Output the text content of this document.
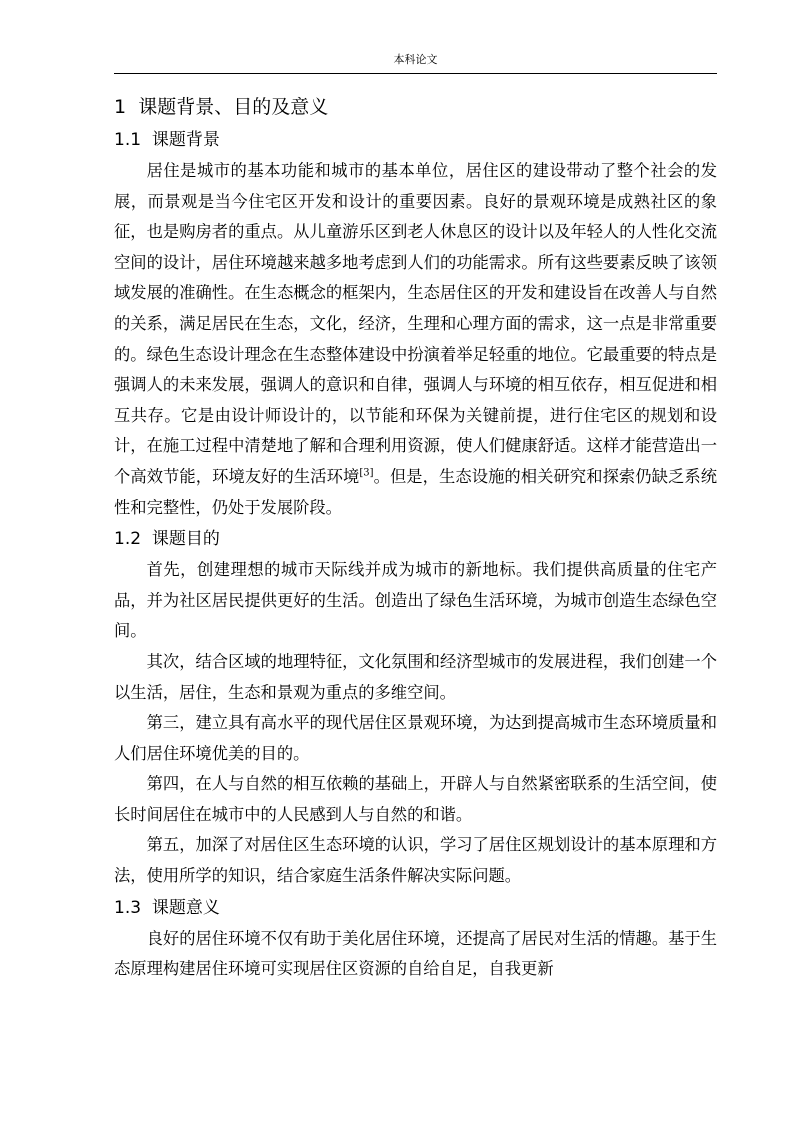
本科论文
1 课题背景、目的及意义
1.1 课题背景

居住是城市的基本功能和城市的基本单位，居住区的建设带动了整个社会的发展，而景观是当今住宅区开发和设计的重要因素。良好的景观环境是成熟社区的象征，也是购房者的重点。从儿童游乐区到老人休息区的设计以及年轻人的人性化交流空间的设计，居住环境越来越多地考虑到人们的功能需求。所有这些要素反映了该领域发展的准确性。在生态概念的框架内，生态居住区的开发和建设旨在改善人与自然的关系，满足居民在生态，文化，经济，生理和心理方面的需求，这一点是非常重要的。绿色生态设计理念在生态整体建设中扮演着举足轻重的地位。它最重要的特点是强调人的未来发展，强调人的意识和自律，强调人与环境的相互依存，相互促进和相互共存。它是由设计师设计的，以节能和环保为关键前提，进行住宅区的规划和设计，在施工过程中清楚地了解和合理利用资源，使人们健康舒适。这样才能营造出一个高效节能，环境友好的生活环境[3]。但是，生态设施的相关研究和探索仍缺乏系统性和完整性，仍处于发展阶段。

1.2 课题目的

首先，创建理想的城市天际线并成为城市的新地标。我们提供高质量的住宅产品，并为社区居民提供更好的生活。创造出了绿色生活环境，为城市创造生态绿色空间。

其次，结合区域的地理特征，文化氛围和经济型城市的发展进程，我们创建一个以生活，居住，生态和景观为重点的多维空间。

第三，建立具有高水平的现代居住区景观环境，为达到提高城市生态环境质量和人们居住环境优美的目的。

第四，在人与自然的相互依赖的基础上，开辟人与自然紧密联系的生活空间，使长时间居住在城市中的人民感到人与自然的和谐。

第五，加深了对居住区生态环境的认识，学习了居住区规划设计的基本原理和方法，使用所学的知识，结合家庭生活条件解决实际问题。

1.3 课题意义

良好的居住环境不仅有助于美化居住环境，还提高了居民对生活的情趣。基于生态原理构建居住环境可实现居住区资源的自给自足，自我更新
